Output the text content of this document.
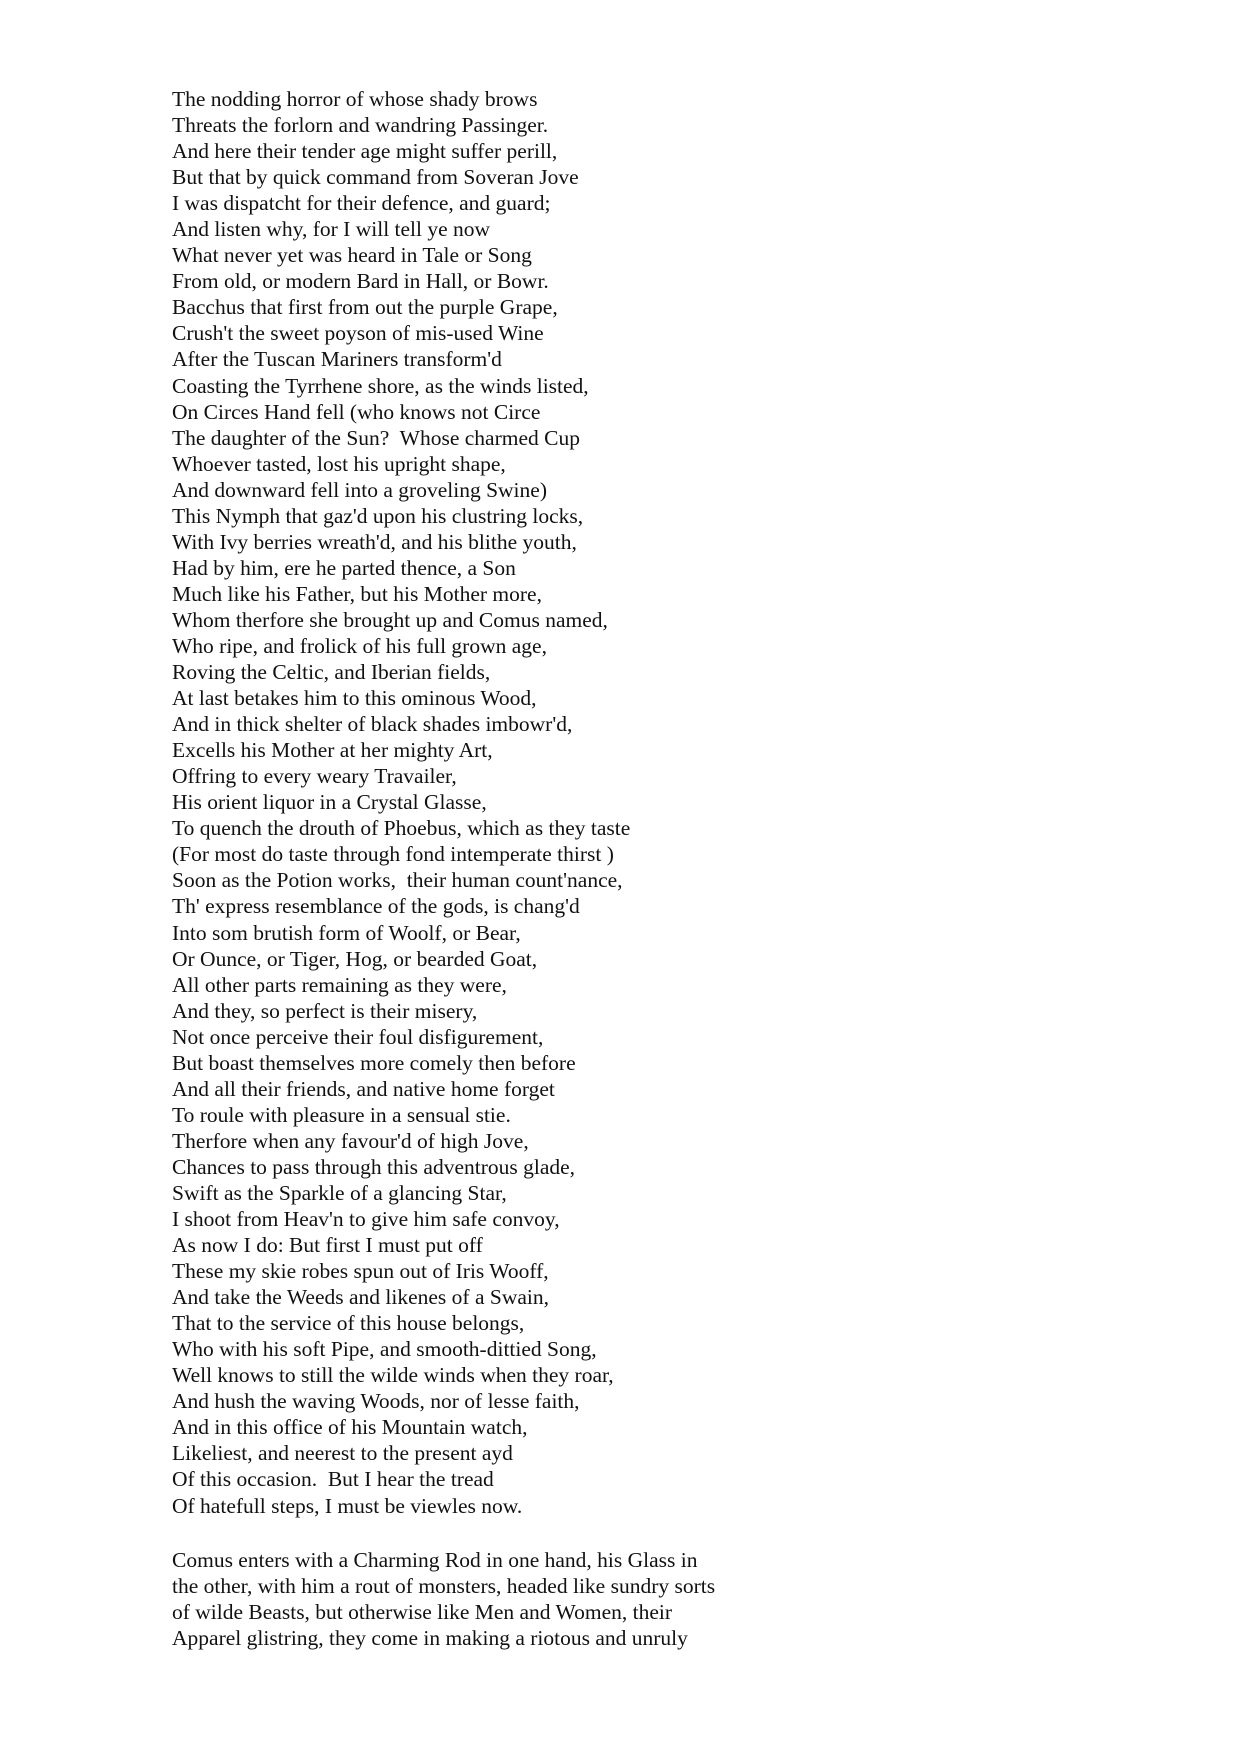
The nodding horror of whose shady brows
Threats the forlorn and wandring Passinger.
And here their tender age might suffer perill,
But that by quick command from Soveran Jove
I was dispatcht for their defence, and guard;
And listen why, for I will tell ye now
What never yet was heard in Tale or Song
From old, or modern Bard in Hall, or Bowr.
Bacchus that first from out the purple Grape,
Crush't the sweet poyson of mis-used Wine
After the Tuscan Mariners transform'd
Coasting the Tyrrhene shore, as the winds listed,
On Circes Hand fell (who knows not Circe
The daughter of the Sun?  Whose charmed Cup
Whoever tasted, lost his upright shape,
And downward fell into a groveling Swine)
This Nymph that gaz'd upon his clustring locks,
With Ivy berries wreath'd, and his blithe youth,
Had by him, ere he parted thence, a Son
Much like his Father, but his Mother more,
Whom therfore she brought up and Comus named,
Who ripe, and frolick of his full grown age,
Roving the Celtic, and Iberian fields,
At last betakes him to this ominous Wood,
And in thick shelter of black shades imbowr'd,
Excells his Mother at her mighty Art,
Offring to every weary Travailer,
His orient liquor in a Crystal Glasse,
To quench the drouth of Phoebus, which as they taste
(For most do taste through fond intemperate thirst )
Soon as the Potion works,  their human count'nance,
Th' express resemblance of the gods, is chang'd
Into som brutish form of Woolf, or Bear,
Or Ounce, or Tiger, Hog, or bearded Goat,
All other parts remaining as they were,
And they, so perfect is their misery,
Not once perceive their foul disfigurement,
But boast themselves more comely then before
And all their friends, and native home forget
To roule with pleasure in a sensual stie.
Therfore when any favour'd of high Jove,
Chances to pass through this adventrous glade,
Swift as the Sparkle of a glancing Star,
I shoot from Heav'n to give him safe convoy,
As now I do: But first I must put off
These my skie robes spun out of Iris Wooff,
And take the Weeds and likenes of a Swain,
That to the service of this house belongs,
Who with his soft Pipe, and smooth-dittied Song,
Well knows to still the wilde winds when they roar,
And hush the waving Woods, nor of lesse faith,
And in this office of his Mountain watch,
Likeliest, and neerest to the present ayd
Of this occasion.  But I hear the tread
Of hatefull steps, I must be viewles now.
Comus enters with a Charming Rod in one hand, his Glass in
the other, with him a rout of monsters, headed like sundry sorts
of wilde Beasts, but otherwise like Men and Women, their
Apparel glistring, they come in making a riotous and unruly
